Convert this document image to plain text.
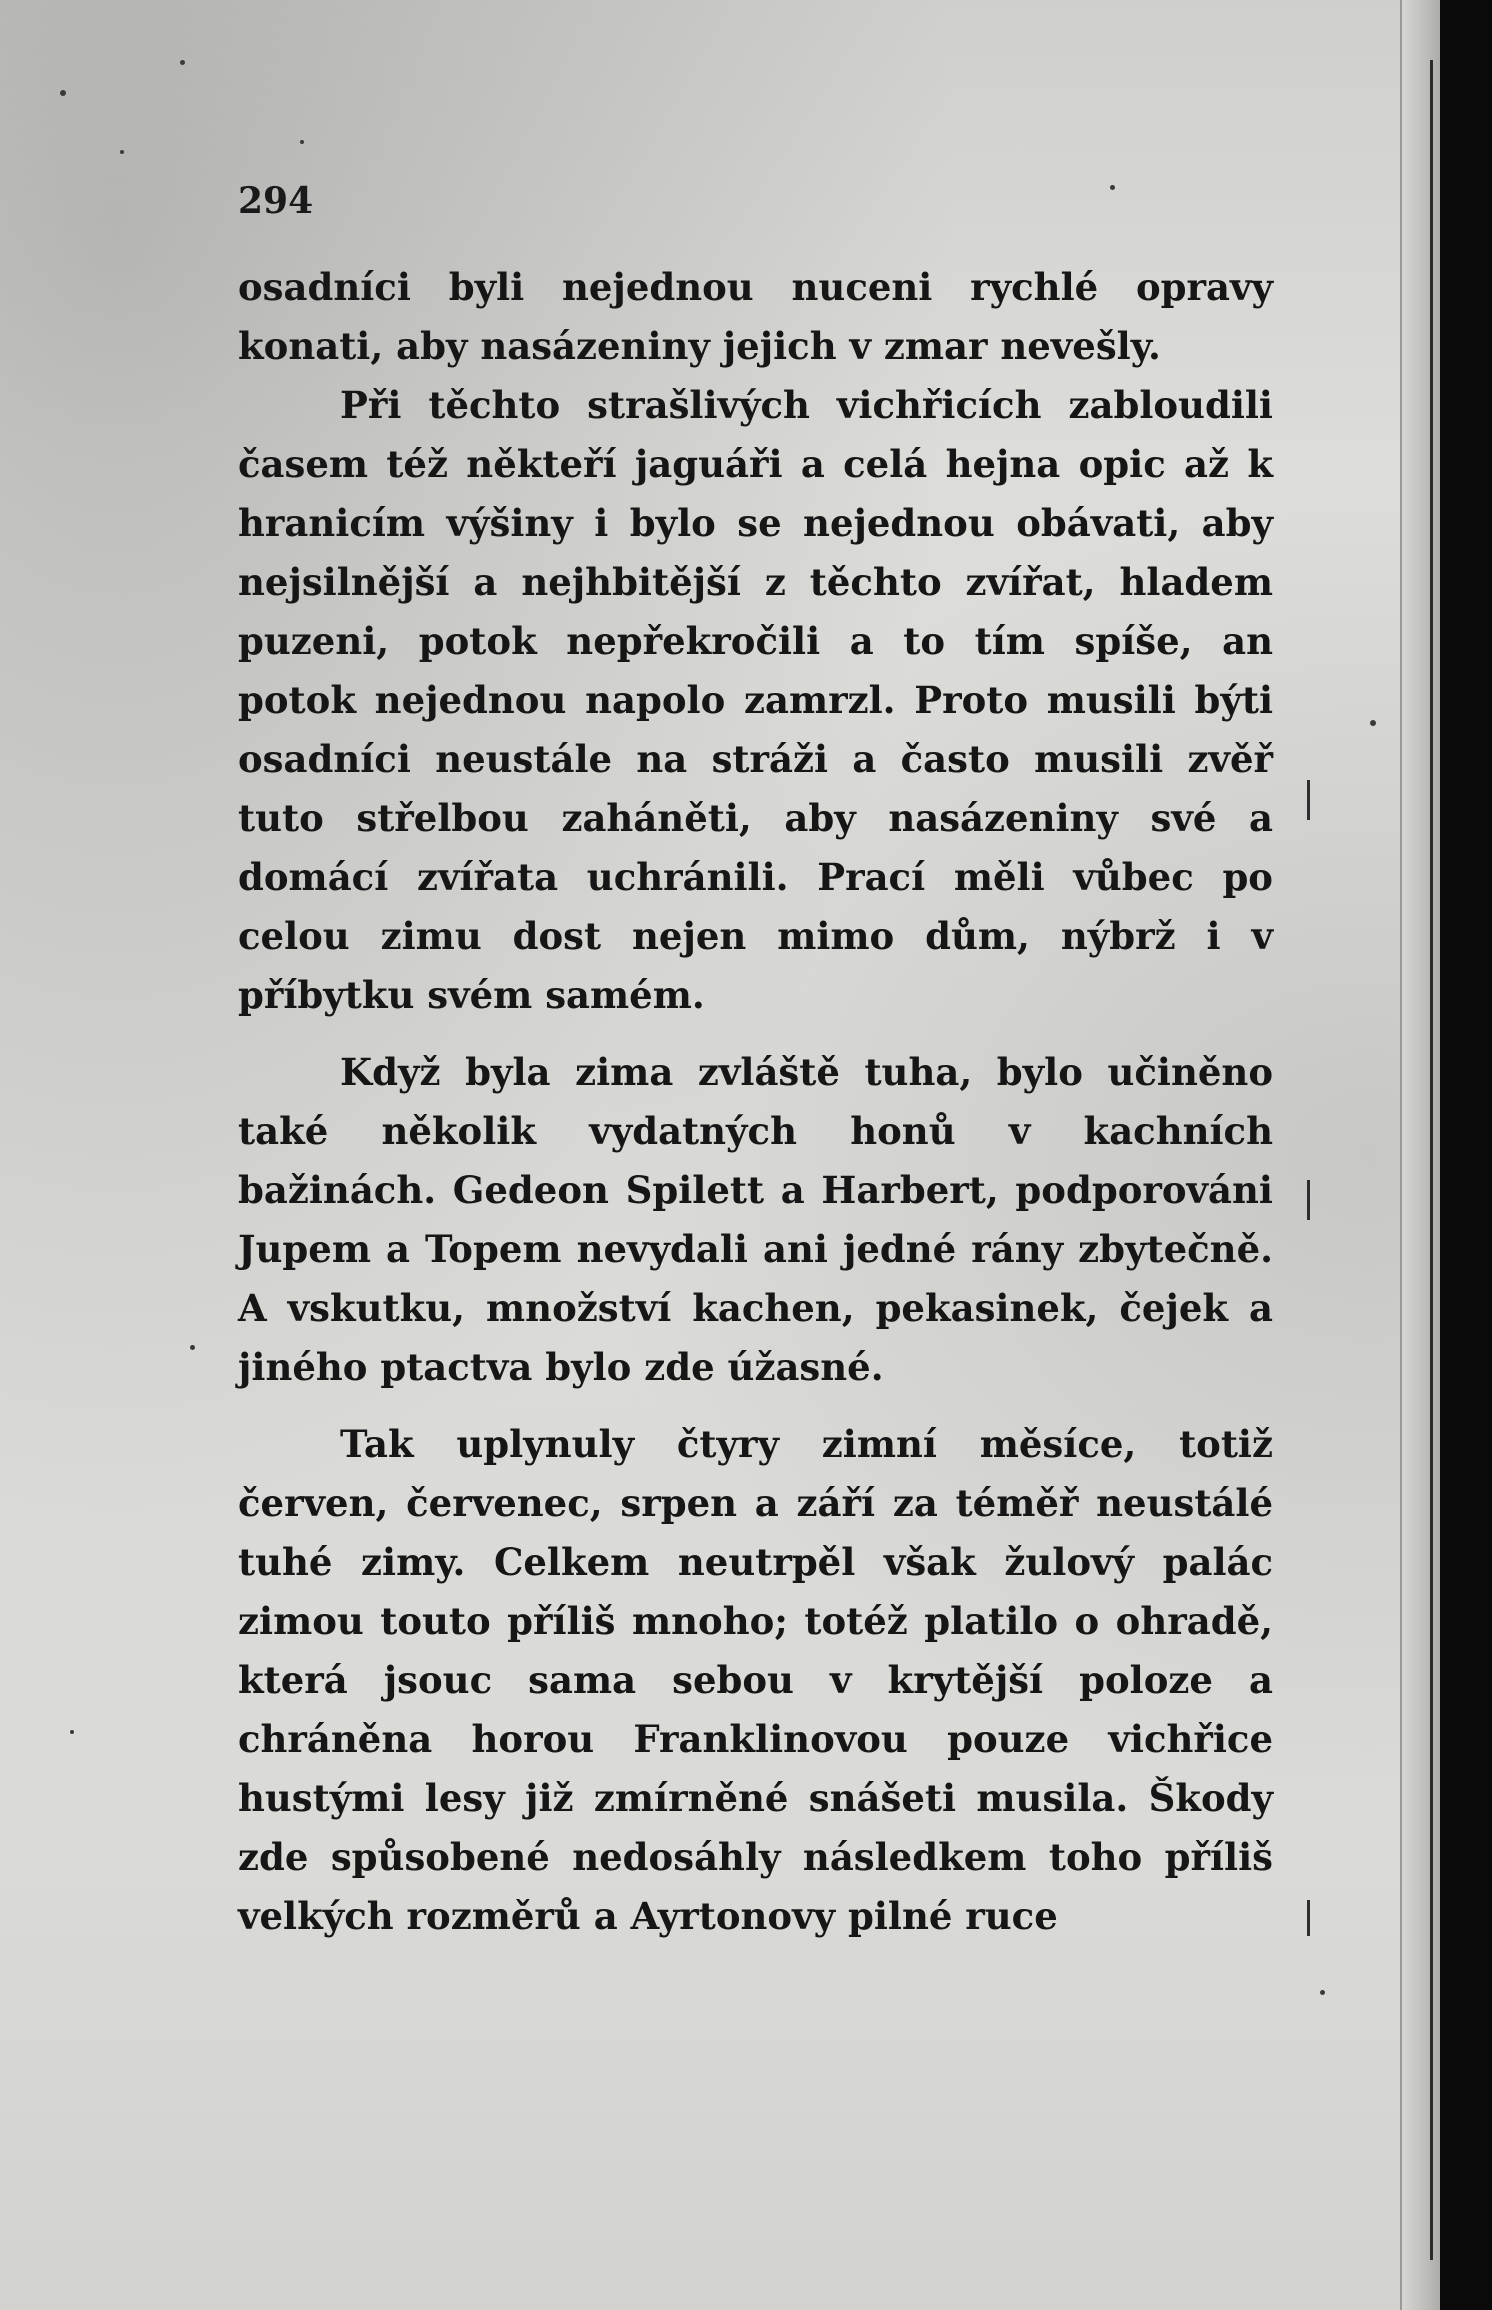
294

osadníci byli nejednou nuceni rychlé opravy konati, aby nasázeniny jejich v zmar nevešly.

Při těchto strašlivých vichřicích zabloudili časem též někteří jaguáři a celá hejna opic až k hranicím výšiny i bylo se nejednou obávati, aby nejsilnější a nejhbitější z těchto zvířat, hladem puzeni, potok nepřekročili a to tím spíše, an potok nejednou napolo zamrzl. Proto musili býti osadníci neustále na stráži a často musili zvěř tuto střelbou zaháněti, aby nasázeniny své a domácí zvířata uchránili. Prací měli vůbec po celou zimu dost nejen mimo dům, nýbrž i v příbytku svém samém.

Když byla zima zvláště tuha, bylo učiněno také několik vydatných honů v kachních bažinách. Gedeon Spilett a Harbert, podporováni Jupem a Topem nevydali ani jedné rány zbytečně. A vskutku, množství kachen, pekasinek, čejek a jiného ptactva bylo zde úžasné.

Tak uplynuly čtyry zimní měsíce, totiž červen, červenec, srpen a září za téměř neustálé tuhé zimy. Celkem neutrpěl však žulový palác zimou touto příliš mnoho; totéž platilo o ohradě, která jsouc sama sebou v krytější poloze a chráněna horou Franklinovou pouze vichřice hustými lesy již zmírněné snášeti musila. Škody zde spůsobené nedosáhly následkem toho příliš velkých rozměrů a Ayrtonovy pilné ruce
